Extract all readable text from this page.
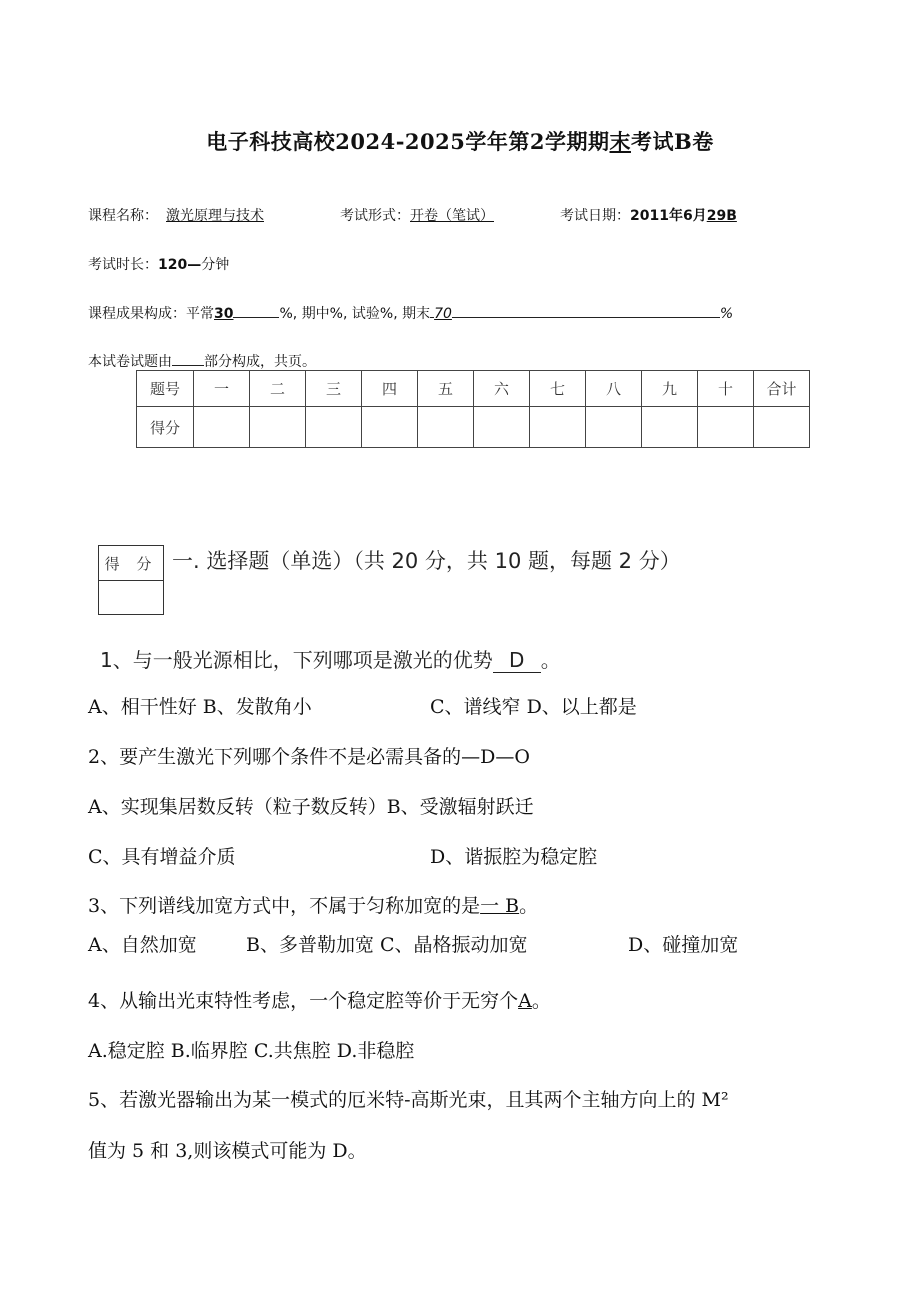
电子科技高校2024-2025学年第2学期期末考试B卷
课程名称： 激光原理与技术	考试形式：开卷（笔试）	考试日期：2011年6月29B
考试时长：120—分钟
课程成果构成：平常30	%, 期中%, 试验%, 期末 70	%
本试卷试题由 部分构成，共页。
题号	一	二	三	四	五	六	七	八	九	十	合计
得分											
得 分 一. 选择题（单选）（共 20 分，共 10 题，每题 2 分）
1、与一般光源相比，下列哪项是激光的优势 D 。
A、相干性好 B、发散角小	C、谱线窄 D、以上都是
2、要产生激光下列哪个条件不是必需具备的—D—O
A、实现集居数反转（粒子数反转）B、受激辐射跃迁
C、具有增益介质	D、谐振腔为稳定腔
3、下列谱线加宽方式中，不属于匀称加宽的是一 B。
A、自然加宽	B、多普勒加宽 C、晶格振动加宽	D、碰撞加宽
4、从输出光束特性考虑，一个稳定腔等价于无穷个A。
A.稳定腔 B.临界腔 C.共焦腔 D.非稳腔
5、若激光器输出为某一模式的厄米特-高斯光束，且其两个主轴方向上的 M²
值为 5 和 3,则该模式可能为 D。
